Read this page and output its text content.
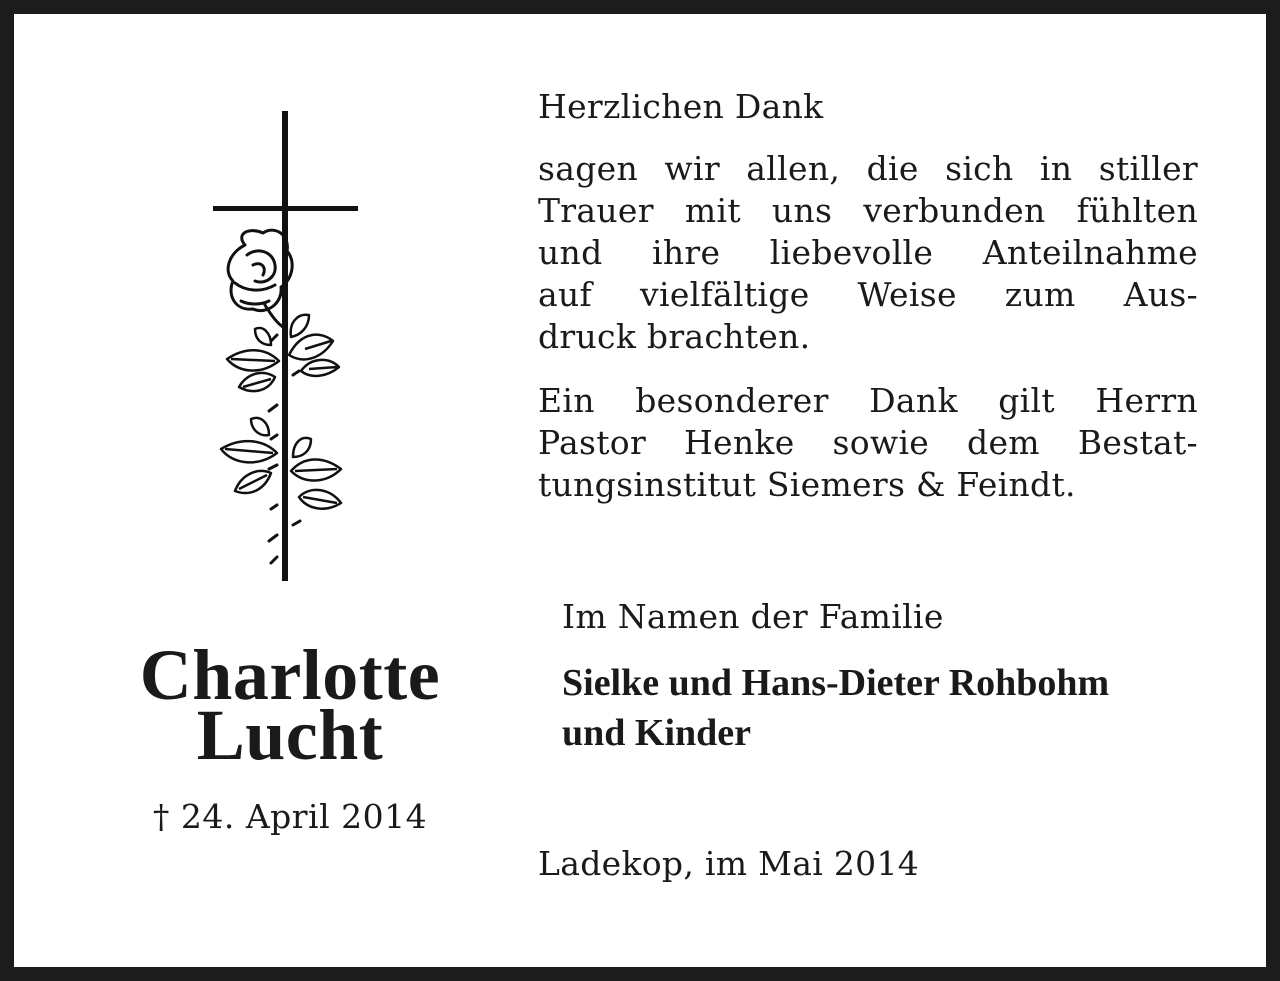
Charlotte
Lucht
† 24. April 2014
Herzlichen Dank
sagen wir allen, die sich in stiller
Trauer mit uns verbunden fühlten
und ihre liebevolle Anteilnahme
auf vielfältige Weise zum Aus-
druck brachten.
Ein besonderer Dank gilt Herrn
Pastor Henke sowie dem Bestat-
tungsinstitut Siemers & Feindt.
Im Namen der Familie
Sielke und Hans-Dieter Rohbohm
und Kinder
Ladekop, im Mai 2014
